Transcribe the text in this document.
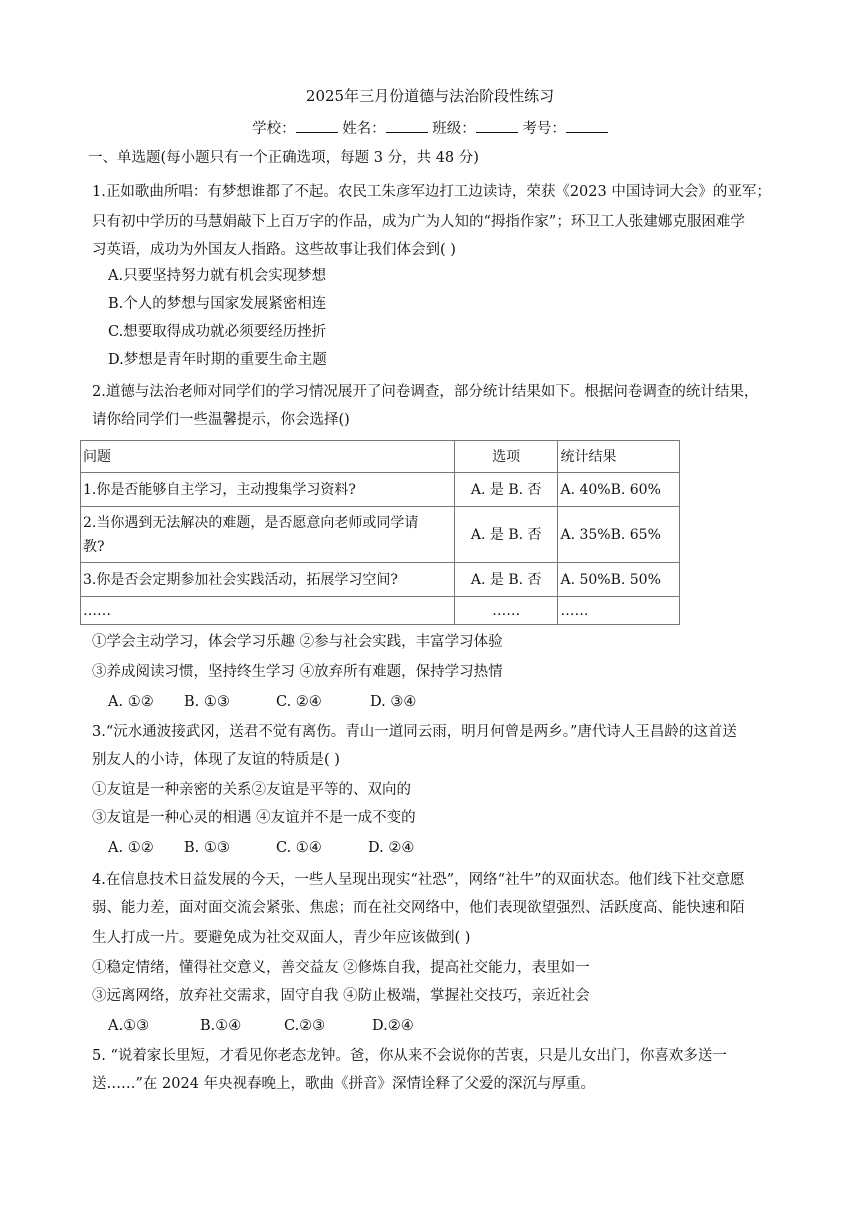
2025年三月份道德与法治阶段性练习
学校：	姓名：	班级：	考号：
一、单选题(每小题只有一个正确选项，每题 3 分，共 48 分)
1.正如歌曲所唱：有梦想谁都了不起。农民工朱彦军边打工边读诗，荣获《2023 中国诗词大会》的亚军；
只有初中学历的马慧娟敲下上百万字的作品，成为广为人知的“拇指作家”；环卫工人张建娜克服困难学
习英语，成功为外国友人指路。这些故事让我们体会到( )
A.只要坚持努力就有机会实现梦想
B.个人的梦想与国家发展紧密相连
C.想要取得成功就必须要经历挫折
D.梦想是青年时期的重要生命主题
2.道德与法治老师对同学们的学习情况展开了问卷调查，部分统计结果如下。根据问卷调查的统计结果，
请你给同学们一些温馨提示，你会选择()
问题	选项	统计结果
1.你是否能够自主学习，主动搜集学习资料?	A. 是 B. 否	A. 40%B. 60%

2.当你遇到无法解决的难题，是否愿意向老师或同学请
教?	A. 是 B. 否	A. 35%B. 65%
3.你是否会定期参加社会实践活动，拓展学习空间?	A. 是 B. 否	A. 50%B. 50%
……	……	……
①学会主动学习，体会学习乐趣 ②参与社会实践，丰富学习体验
③养成阅读习惯，坚持终生学习 ④放弃所有难题，保持学习热情
A. ①② B. ①③	C. ②④	D. ③④
3.“沅水通波接武冈，送君不觉有离伤。青山一道同云雨，明月何曾是两乡。”唐代诗人王昌龄的这首送
别友人的小诗，体现了友谊的特质是( )
①友谊是一种亲密的关系②友谊是平等的、双向的
③友谊是一种心灵的相遇 ④友谊并不是一成不变的
A. ①② B. ①③	C. ①④	D. ②④
4.在信息技术日益发展的今天，一些人呈现出现实“社恐”，网络“社牛”的双面状态。他们线下社交意愿
弱、能力差，面对面交流会紧张、焦虑；而在社交网络中，他们表现欲望强烈、活跃度高、能快速和陌
生人打成一片。要避免成为社交双面人，青少年应该做到( )
①稳定情绪，懂得社交意义，善交益友 ②修炼自我，提高社交能力，表里如一
③远离网络，放弃社交需求，固守自我 ④防止极端，掌握社交技巧，亲近社会
A.①③	B.①④	C.②③	D.②④
5. “说着家长里短，才看见你老态龙钟。爸，你从来不会说你的苦衷，只是儿女出门，你喜欢多送一
送……”在 2024 年央视春晚上，歌曲《拼音》深情诠释了父爱的深沉与厚重。
